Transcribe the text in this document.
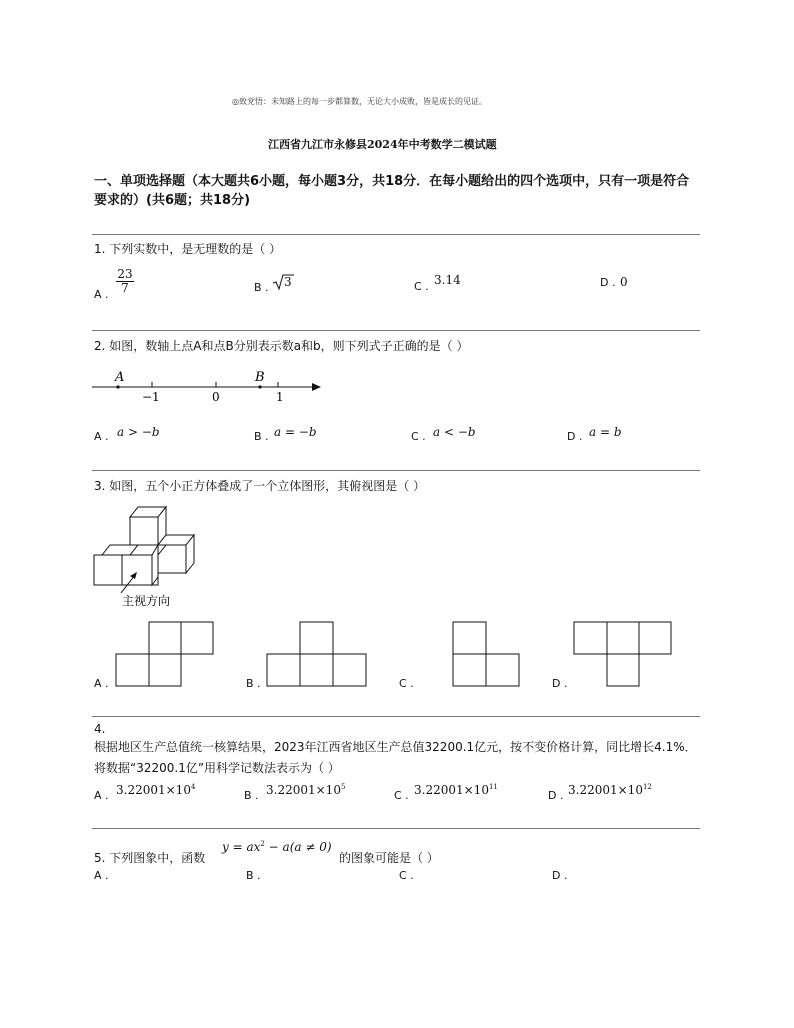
◎致党悟：未知路上的每一步都算数，无论大小成败，皆是成长的见证。
江西省九江市永修县2024年中考数学二模试题
一、单项选择题（本大题共6小题，每小题3分，共18分．在每小题给出的四个选项中，只有一项是符合要求的）(共6题；共18分)
1. 下列实数中，是无理数的是（ ）
A . $\frac{23}{7}$	B .	3	C . 3.14	D . 0
2. 如图，数轴上点A和点B分别表示数a和b，则下列式子正确的是（ ）
A	B
−1	0	1
A . a > −b	B . a = −b	C . a < −b	D . a = b
3. 如图，五个小正方体叠成了一个立体图形，其俯视图是（ ）
主视方向
A .	B .	C .	D .
4.
根据地区生产总值统一核算结果，2023年江西省地区生产总值32200.1亿元，按不变价格计算，同比增长4.1%．将数据“32200.1亿”用科学记数法表示为（ ）
A . $3.22001\times 10^4$
B . $3.22001\times 10^5$
C . $3.22001\times 10^{11}$
D . $3.22001\times 10^{12}$
5. 下列图象中，函数
$y = ax^2 - a(a \ne 0)$
的图象可能是（ ）
A .	B .	C .	D .
